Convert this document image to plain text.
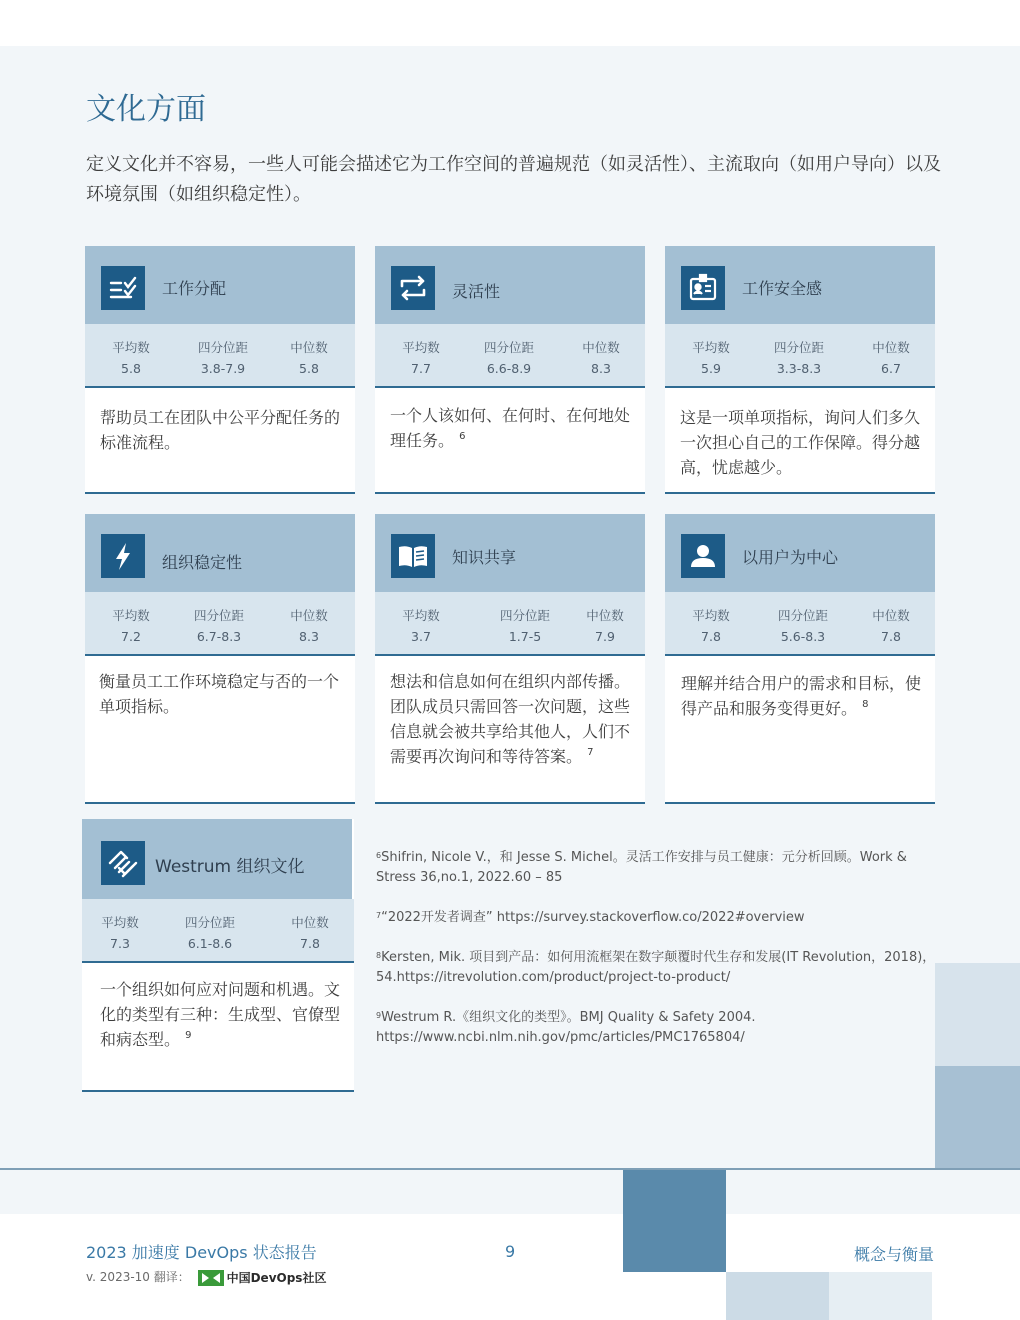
文化方面

定义文化并不容易，一些人可能会描述它为工作空间的普遍规范（如灵活性）、主流取向（如用户导向）以及环境氛围（如组织稳定性）。

工作分配
平均数
5.8
四分位距
3.8-7.9
中位数
5.8
帮助员工在团队中公平分配任务的标准流程。
灵活性
平均数
7.7
四分位距
6.6-8.9
中位数
8.3
一个人该如何、在何时、在何地处理任务。 $^6$
工作安全感
平均数
5.9
四分位距
3.3-8.3
中位数
6.7
这是一项单项指标，询问人们多久一次担心自己的工作保障。得分越高，忧虑越少。
组织稳定性
平均数
7.2
四分位距
6.7-8.3
中位数
8.3
衡量员工工作环境稳定与否的一个单项指标。
知识共享
平均数
3.7
四分位距
1.7-5
中位数
7.9
想法和信息如何在组织内部传播。团队成员只需回答一次问题，这些信息就会被共享给其他人，人们不需要再次询问和等待答案。 $^7$
以用户为中心
平均数
7.8
四分位距
5.6-8.3
中位数
7.8
理解并结合用户的需求和目标，使得产品和服务变得更好。 $^8$
Westrum 组织文化
平均数
7.3
四分位距
6.1-8.6
中位数
7.8
一个组织如何应对问题和机遇。文化的类型有三种：生成型、官僚型和病态型。 $^9$
$^6$Shifrin, Nicole V.，和 Jesse S. Michel。灵活工作安排与员工健康：元分析回顾。Work & Stress 36,no.1, 2022.60 – 85
$^7$“2022开发者调查” https://survey.stackoverflow.co/2022#overview
$^8$Kersten, Mik. 项目到产品：如何用流框架在数字颠覆时代生存和发展(IT Revolution，2018)，54.https://itrevolution.com/product/project-to-product/
$^9$Westrum R.《组织文化的类型》。BMJ Quality & Safety 2004. https://www.ncbi.nlm.nih.gov/pmc/articles/PMC1765804/
2023 加速度 DevOps 状态报告
v. 2023-10 翻译：	中国DevOps社区
9	概念与衡量
